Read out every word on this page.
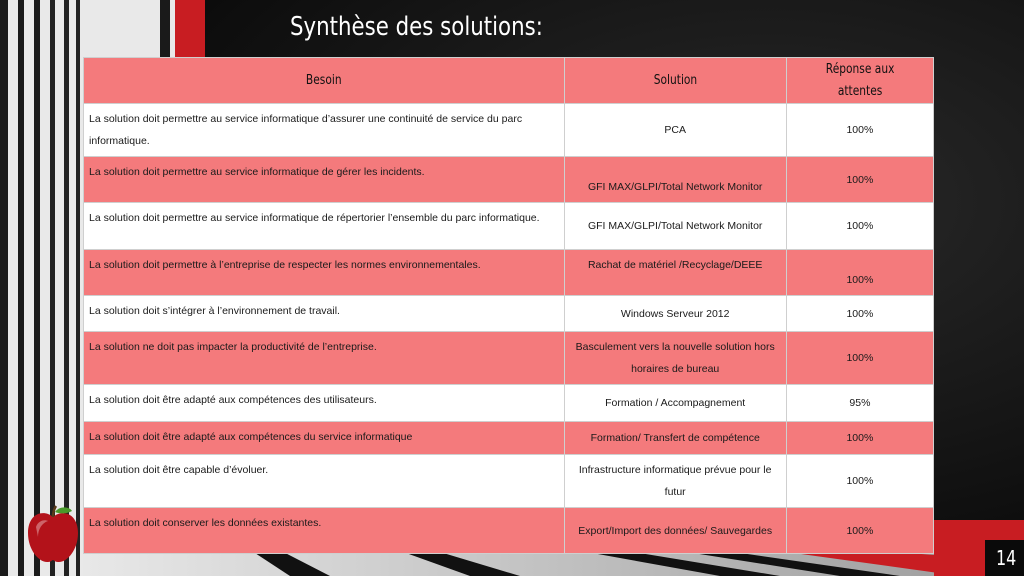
Synthèse des solutions:
Besoin	Solution	Réponse aux attentes
La solution doit permettre au service informatique d’assurer une continuité de service du parc informatique.	PCA	100%
La solution doit permettre au service informatique de gérer les incidents.	GFI MAX/GLPI/Total Network Monitor	100%
La solution doit permettre au service informatique de répertorier l’ensemble du parc informatique.	GFI MAX/GLPI/Total Network Monitor	100%
La solution doit permettre à l’entreprise de respecter les normes environnementales.	Rachat de matériel /Recyclage/DEEE	100%
La solution doit s’intégrer à l’environnement de travail.	Windows Serveur 2012	100%
La solution ne doit pas impacter la productivité de l’entreprise.	Basculement vers la nouvelle solution hors horaires de bureau	100%
La solution doit être adapté aux compétences des utilisateurs.	Formation / Accompagnement	95%
La solution doit être adapté aux compétences du service informatique	Formation/ Transfert de compétence	100%
La solution doit être capable d’évoluer.	Infrastructure informatique prévue pour le futur	100%
La solution doit conserver les données existantes.	Export/Import des données/ Sauvegardes	100%
14
